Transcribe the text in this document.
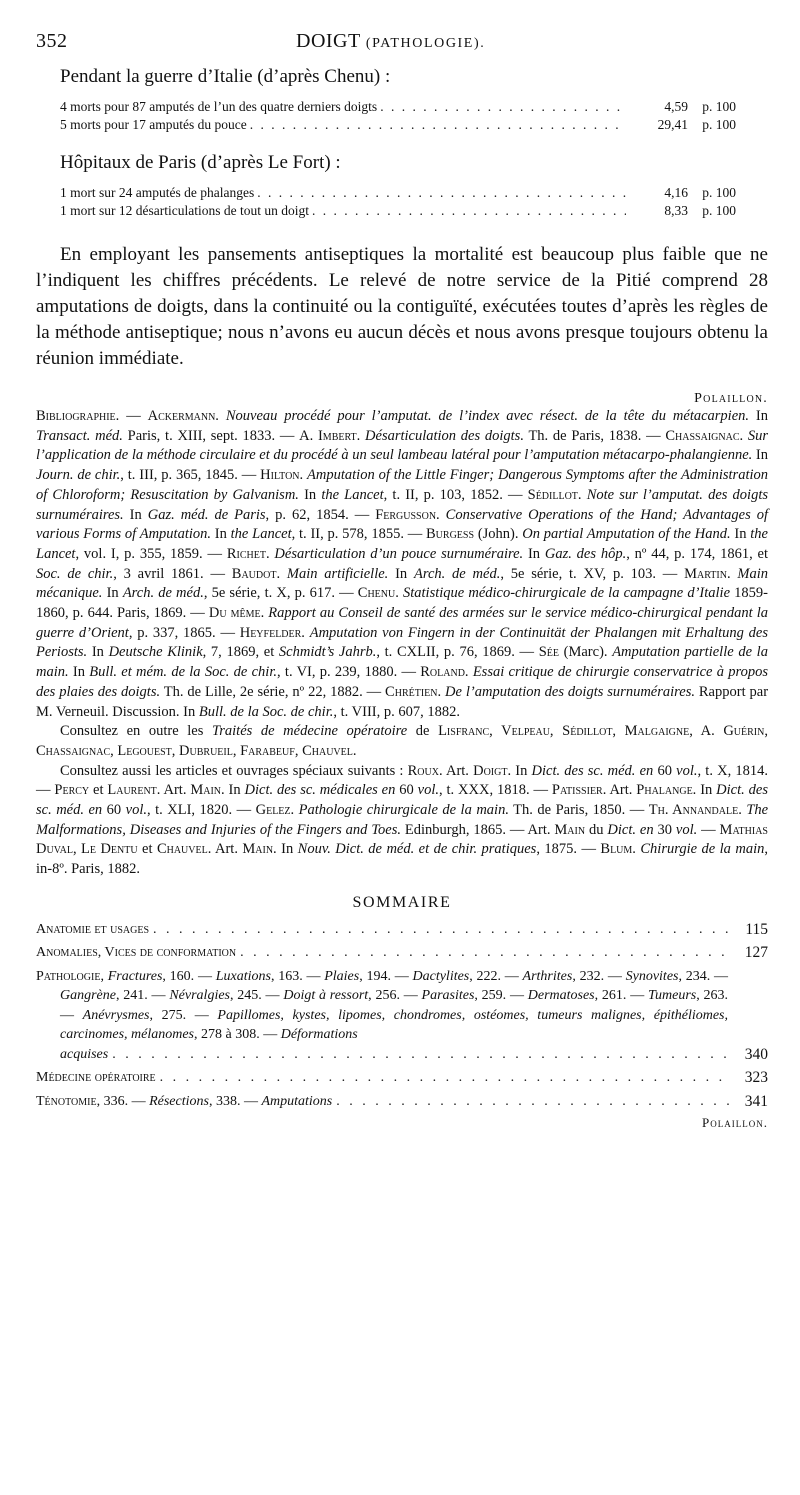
352	DOIGT (PATHOLOGIE).
Pendant la guerre d’Italie (d’après Chenu) :
4 morts pour 87 amputés de l’un des quatre derniers doigts . . .	4,59	p. 100
5 morts pour 17 amputés du pouce . . .	29,41	p. 100
Hôpitaux de Paris (d’après Le Fort) :
1 mort sur 24 amputés de phalanges . . .	4,16	p. 100
1 mort sur 12 désarticulations de tout un doigt . . .	8,33	p. 100

En employant les pansements antiseptiques la mortalité est beaucoup plus faible que ne l’indiquent les chiffres précédents. Le relevé de notre service de la Pitié comprend 28 amputations de doigts, dans la continuité ou la contiguïté, exécutées toutes d’après les règles de la méthode antiseptique; nous n’avons eu aucun décès et nous avons presque toujours obtenu la réunion immédiate.

Polaillon.

Bibliographie. — Ackermann. Nouveau procédé pour l’amputat. de l’index avec résect. de la tête du métacarpien. In Transact. méd. Paris, t. XIII, sept. 1833. — A. Imbert. Désarticulation des doigts. Th. de Paris, 1838. — Chassaignac. Sur l’application de la méthode circulaire et du procédé à un seul lambeau latéral pour l’amputation métacarpo-phalangienne. In Journ. de chir., t. III, p. 365, 1845. — Hilton. Amputation of the Little Finger; Dangerous Symptoms after the Administration of Chloroform; Resuscitation by Galvanism. In the Lancet, t. II, p. 103, 1852. — Sédillot. Note sur l’amputat. des doigts surnuméraires. In Gaz. méd. de Paris, p. 62, 1854. — Fergusson. Conservative Operations of the Hand; Advantages of various Forms of Amputation. In the Lancet, t. II, p. 578, 1855. — Burgess (John). On partial Amputation of the Hand. In the Lancet, vol. I, p. 355, 1859. — Richet. Désarticulation d’un pouce surnuméraire. In Gaz. des hôp., nº 44, p. 174, 1861, et Soc. de chir., 3 avril 1861. — Baudot. Main artificielle. In Arch. de méd., 5e série, t. XV, p. 103. — Martin. Main mécanique. In Arch. de méd., 5e série, t. X, p. 617. — Chenu. Statistique médico-chirurgicale de la campagne d’Italie 1859-1860, p. 644. Paris, 1869. — Du même. Rapport au Conseil de santé des armées sur le service médico-chirurgical pendant la guerre d’Orient, p. 337, 1865. — Heyfelder. Amputation von Fingern in der Continuität der Phalangen mit Erhaltung des Periosts. In Deutsche Klinik, 7, 1869, et Schmidt’s Jahrb., t. CXLII, p. 76, 1869. — Sée (Marc). Amputation partielle de la main. In Bull. et mém. de la Soc. de chir., t. VI, p. 239, 1880. — Roland. Essai critique de chirurgie conservatrice à propos des plaies des doigts. Th. de Lille, 2e série, nº 22, 1882. — Chrétien. De l’amputation des doigts surnuméraires. Rapport par M. Verneuil. Discussion. In Bull. de la Soc. de chir., t. VIII, p. 607, 1882.

Consultez en outre les Traités de médecine opératoire de Lisfranc, Velpeau, Sédillot, Malgaigne, A. Guérin, Chassaignac, Legouest, Dubrueil, Farabeuf, Chauvel.

Consultez aussi les articles et ouvrages spéciaux suivants : Roux. Art. Doigt. In Dict. des sc. méd. en 60 vol., t. X, 1814. — Percy et Laurent. Art. Main. In Dict. des sc. médicales en 60 vol., t. XXX, 1818. — Patissier. Art. Phalange. In Dict. des sc. méd. en 60 vol., t. XLI, 1820. — Gelez. Pathologie chirurgicale de la main. Th. de Paris, 1850. — Th. Annandale. The Malformations, Diseases and Injuries of the Fingers and Toes. Edinburgh, 1865. — Art. Main du Dict. en 30 vol. — Mathias Duval, Le Dentu et Chauvel. Art. Main. In Nouv. Dict. de méd. et de chir. pratiques, 1875. — Blum. Chirurgie de la main, in-8º. Paris, 1882.

SOMMAIRE
Anatomie et usages . . .	115
Anomalies, Vices de conformation . . .	127
Pathologie, Fractures, 160. — Luxations, 163. — Plaies, 194. — Dactylites, 222. — Arthrites, 232. — Synovites, 234. — Gangrène, 241. — Névralgies, 245. — Doigt à ressort, 256. — Parasites, 259. — Dermatoses, 261. — Tumeurs, 263. — Anévrysmes, 275. — Papillomes, kystes, lipomes, chondromes, ostéomes, tumeurs malignes, épithéliomes, carcinomes, mélanomes, 278 à 308. — Déformations
acquises . . .	340
Médecine opératoire . . .	323
Ténotomie, 336. — Résections, 338. — Amputations . . .	341
Polaillon.
